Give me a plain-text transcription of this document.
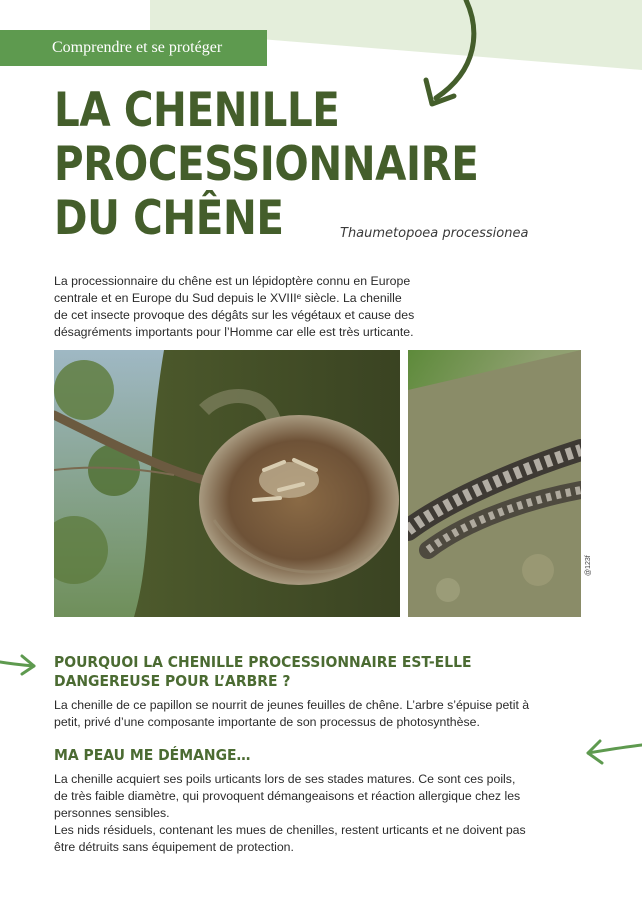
Comprendre et se protéger
LA CHENILLE
PROCESSIONNAIRE
DU CHÊNE	Thaumetopoea processionea
La processionnaire du chêne est un lépidoptère connu en Europe
centrale et en Europe du Sud depuis le XVIIIᵉ siècle. La chenille
de cet insecte provoque des dégâts sur les végétaux et cause des
désagréments importants pour l’Homme car elle est très urticante.
@123f
POURQUOI LA CHENILLE PROCESSIONNAIRE EST-ELLE
DANGEREUSE POUR L’ARBRE ?
La chenille de ce papillon se nourrit de jeunes feuilles de chêne. L’arbre s’épuise petit à
petit, privé d’une composante importante de son processus de photosynthèse.
MA PEAU ME DÉMANGE…
La chenille acquiert ses poils urticants lors de ses stades matures. Ce sont ces poils,
de très faible diamètre, qui provoquent démangeaisons et réaction allergique chez les
personnes sensibles.
Les nids résiduels, contenant les mues de chenilles, restent urticants et ne doivent pas
être détruits sans équipement de protection.
